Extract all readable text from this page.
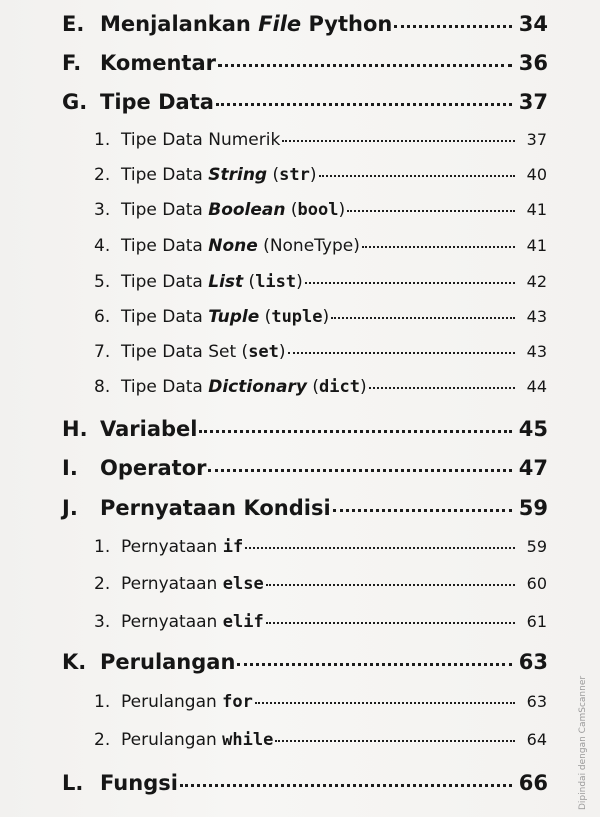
E. Menjalankan File Python	34
F. Komentar	36
G. Tipe Data	37
1. Tipe Data Numerik	37
2. Tipe Data String (str)	40
3. Tipe Data Boolean (bool)	41
4. Tipe Data None (NoneType)	41
5. Tipe Data List (list)	42
6. Tipe Data Tuple (tuple)	43
7. Tipe Data Set (set)	43
8. Tipe Data Dictionary (dict)	44
H. Variabel	45
I.	Operator	47
J.	Pernyataan Kondisi	59
1. Pernyataan if	59
2. Pernyataan else	60
3. Pernyataan elif	61
K. Perulangan	63
1. Perulangan for	63
2. Perulangan while	64
L. Fungsi	66	Dipindai dengan CamScanner
